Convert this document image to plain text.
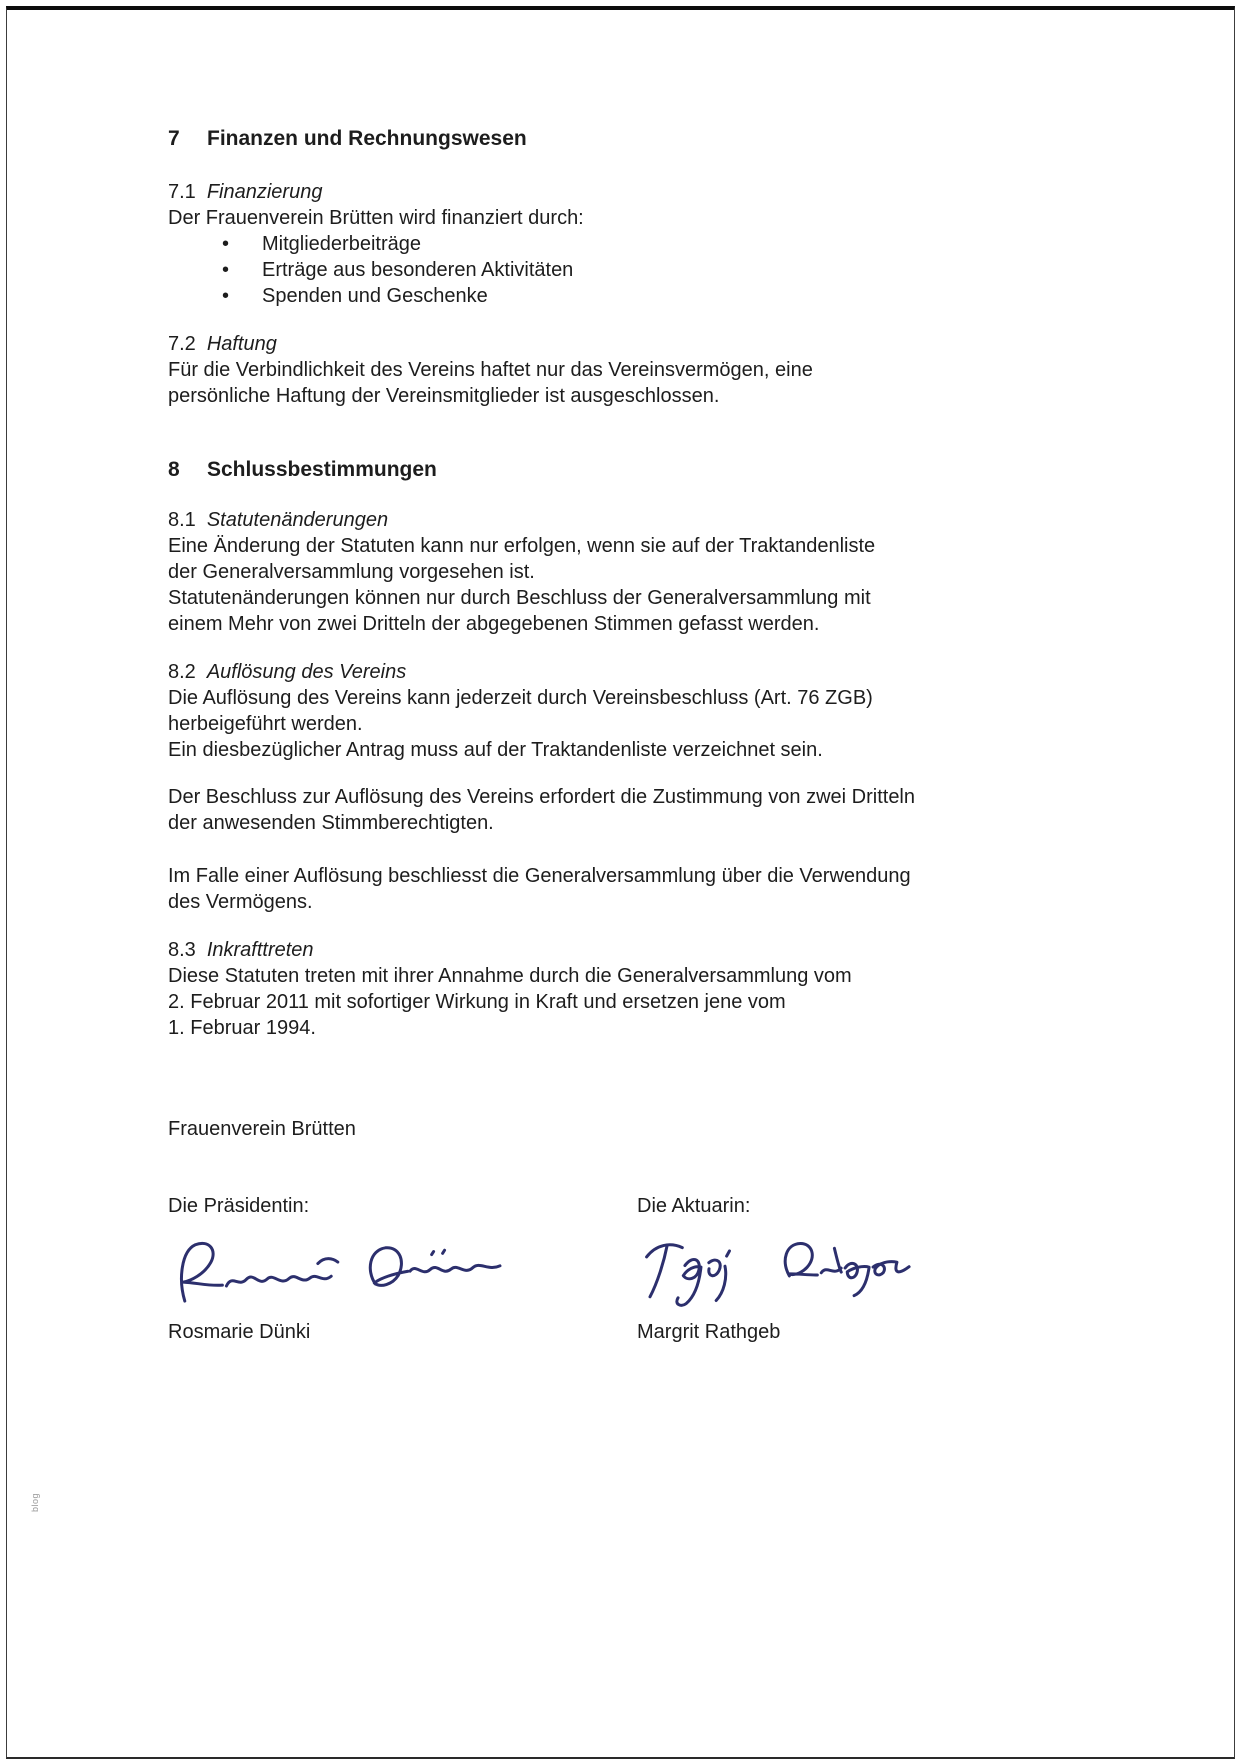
7	Finanzen und Rechnungswesen
7.1 Finanzierung
Der Frauenverein Brütten wird finanziert durch:
• Mitgliederbeiträge
• Erträge aus besonderen Aktivitäten
• Spenden und Geschenke
7.2 Haftung
Für die Verbindlichkeit des Vereins haftet nur das Vereinsvermögen, eine
persönliche Haftung der Vereinsmitglieder ist ausgeschlossen.
8	Schlussbestimmungen
8.1 Statutenänderungen
Eine Änderung der Statuten kann nur erfolgen, wenn sie auf der Traktandenliste
der Generalversammlung vorgesehen ist.
Statutenänderungen können nur durch Beschluss der Generalversammlung mit
einem Mehr von zwei Dritteln der abgegebenen Stimmen gefasst werden.
8.2 Auflösung des Vereins
Die Auflösung des Vereins kann jederzeit durch Vereinsbeschluss (Art. 76 ZGB)
herbeigeführt werden.
Ein diesbezüglicher Antrag muss auf der Traktandenliste verzeichnet sein.
Der Beschluss zur Auflösung des Vereins erfordert die Zustimmung von zwei Dritteln
der anwesenden Stimmberechtigten.
Im Falle einer Auflösung beschliesst die Generalversammlung über die Verwendung
des Vermögens.
8.3 Inkrafttreten
Diese Statuten treten mit ihrer Annahme durch die Generalversammlung vom
2. Februar 2011 mit sofortiger Wirkung in Kraft und ersetzen jene vom
1. Februar 1994.
Frauenverein Brütten
Die Präsidentin:
Rosmarie Dünki
Die Aktuarin:
Margrit Rathgeb
blog
